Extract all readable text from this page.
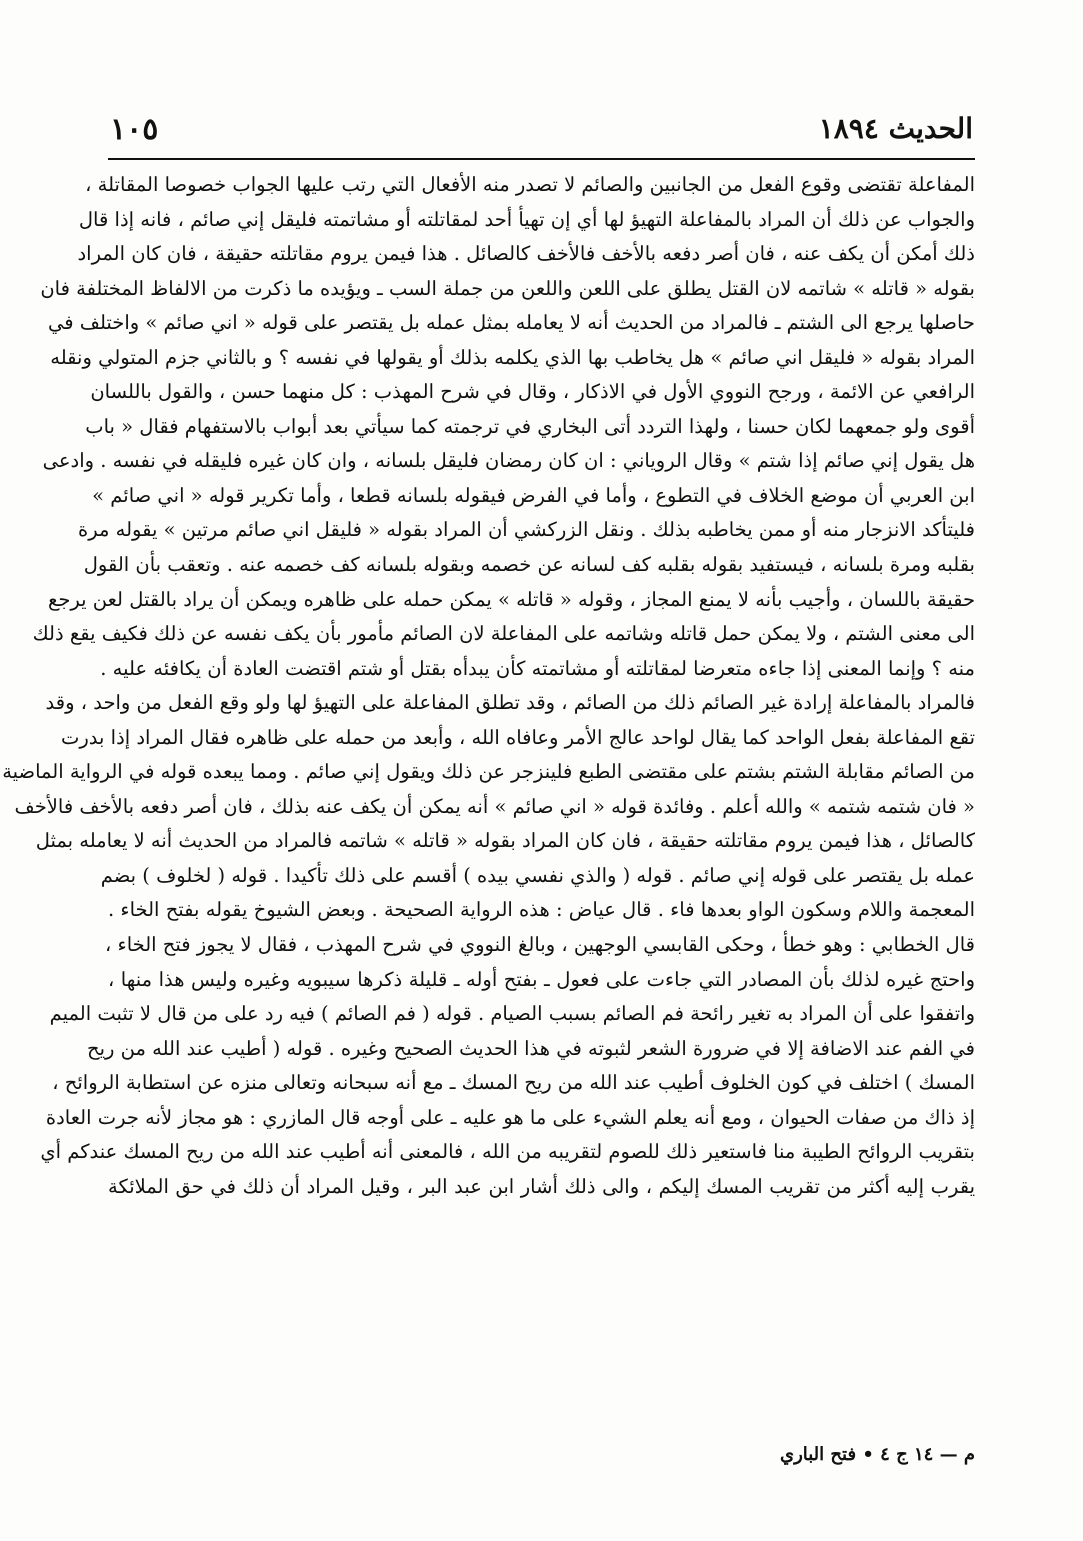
الحديث ١٨٩٤
١٠٥
المفاعلة تقتضى وقوع الفعل من الجانبين والصائم لا تصدر منه الأفعال التي رتب عليها الجواب خصوصا المقاتلة ،
والجواب عن ذلك أن المراد بالمفاعلة التهيؤ لها أي إن تهيأ أحد لمقاتلته أو مشاتمته فليقل إني صائم ، فانه إذا قال
ذلك أمكن أن يكف عنه ، فان أصر دفعه بالأخف فالأخف كالصائل . هذا فيمن يروم مقاتلته حقيقة ، فان كان المراد
بقوله « قاتله » شاتمه لان القتل يطلق على اللعن واللعن من جملة السب ـ ويؤيده ما ذكرت من الالفاظ المختلفة فان
حاصلها يرجع الى الشتم ـ فالمراد من الحديث أنه لا يعامله بمثل عمله بل يقتصر على قوله « اني صائم » واختلف في
المراد بقوله « فليقل اني صائم » هل يخاطب بها الذي يكلمه بذلك أو يقولها في نفسه ؟ و بالثاني جزم المتولي ونقله
الرافعي عن الائمة ، ورجح النووي الأول في الاذكار ، وقال في شرح المهذب : كل منهما حسن ، والقول باللسان
أقوى ولو جمعهما لكان حسنا ، ولهذا التردد أتى البخاري في ترجمته كما سيأتي بعد أبواب بالاستفهام فقال « باب
هل يقول إني صائم إذا شتم » وقال الروياني : ان كان رمضان فليقل بلسانه ، وان كان غيره فليقله في نفسه . وادعى
ابن العربي أن موضع الخلاف في التطوع ، وأما في الفرض فيقوله بلسانه قطعا ، وأما تكرير قوله « اني صائم »
فليتأكد الانزجار منه أو ممن يخاطبه بذلك . ونقل الزركشي أن المراد بقوله « فليقل اني صائم مرتين » يقوله مرة
بقلبه ومرة بلسانه ، فيستفيد بقوله بقلبه كف لسانه عن خصمه وبقوله بلسانه كف خصمه عنه . وتعقب بأن القول
حقيقة باللسان ، وأجيب بأنه لا يمنع المجاز ، وقوله « قاتله » يمكن حمله على ظاهره ويمكن أن يراد بالقتل لعن يرجع
الى معنى الشتم ، ولا يمكن حمل قاتله وشاتمه على المفاعلة لان الصائم مأمور بأن يكف نفسه عن ذلك فكيف يقع ذلك
منه ؟ وإنما المعنى إذا جاءه متعرضا لمقاتلته أو مشاتمته كأن يبدأه بقتل أو شتم اقتضت العادة أن يكافئه عليه .
فالمراد بالمفاعلة إرادة غير الصائم ذلك من الصائم ، وقد تطلق المفاعلة على التهيؤ لها ولو وقع الفعل من واحد ، وقد
تقع المفاعلة بفعل الواحد كما يقال لواحد عالج الأمر وعافاه الله ، وأبعد من حمله على ظاهره فقال المراد إذا بدرت
من الصائم مقابلة الشتم بشتم على مقتضى الطبع فلينزجر عن ذلك ويقول إني صائم . ومما يبعده قوله في الرواية الماضية
« فان شتمه شتمه » والله أعلم . وفائدة قوله « اني صائم » أنه يمكن أن يكف عنه بذلك ، فان أصر دفعه بالأخف فالأخف
كالصائل ، هذا فيمن يروم مقاتلته حقيقة ، فان كان المراد بقوله « قاتله » شاتمه فالمراد من الحديث أنه لا يعامله بمثل
عمله بل يقتصر على قوله إني صائم . قوله ( والذي نفسي بيده ) أقسم على ذلك تأكيدا . قوله ( لخلوف ) بضم
المعجمة واللام وسكون الواو بعدها فاء . قال عياض : هذه الرواية الصحيحة . وبعض الشيوخ يقوله بفتح الخاء .
قال الخطابي : وهو خطأ ، وحكى القابسي الوجهين ، وبالغ النووي في شرح المهذب ، فقال لا يجوز فتح الخاء ،
واحتج غيره لذلك بأن المصادر التي جاءت على فعول ـ بفتح أوله ـ قليلة ذكرها سيبويه وغيره وليس هذا منها ،
واتفقوا على أن المراد به تغير رائحة فم الصائم بسبب الصيام . قوله ( فم الصائم ) فيه رد على من قال لا تثبت الميم
في الفم عند الاضافة إلا في ضرورة الشعر لثبوته في هذا الحديث الصحيح وغيره . قوله ( أطيب عند الله من ريح
المسك ) اختلف في كون الخلوف أطيب عند الله من ريح المسك ـ مع أنه سبحانه وتعالى منزه عن استطابة الروائح ،
إذ ذاك من صفات الحيوان ، ومع أنه يعلم الشيء على ما هو عليه ـ على أوجه قال المازري : هو مجاز لأنه جرت العادة
بتقريب الروائح الطيبة منا فاستعير ذلك للصوم لتقريبه من الله ، فالمعنى أنه أطيب عند الله من ريح المسك عندكم أي
يقرب إليه أكثر من تقريب المسك إليكم ، والى ذلك أشار ابن عبد البر ، وقيل المراد أن ذلك في حق الملائكة
م — ١٤ ج ٤ • فتح الباري
